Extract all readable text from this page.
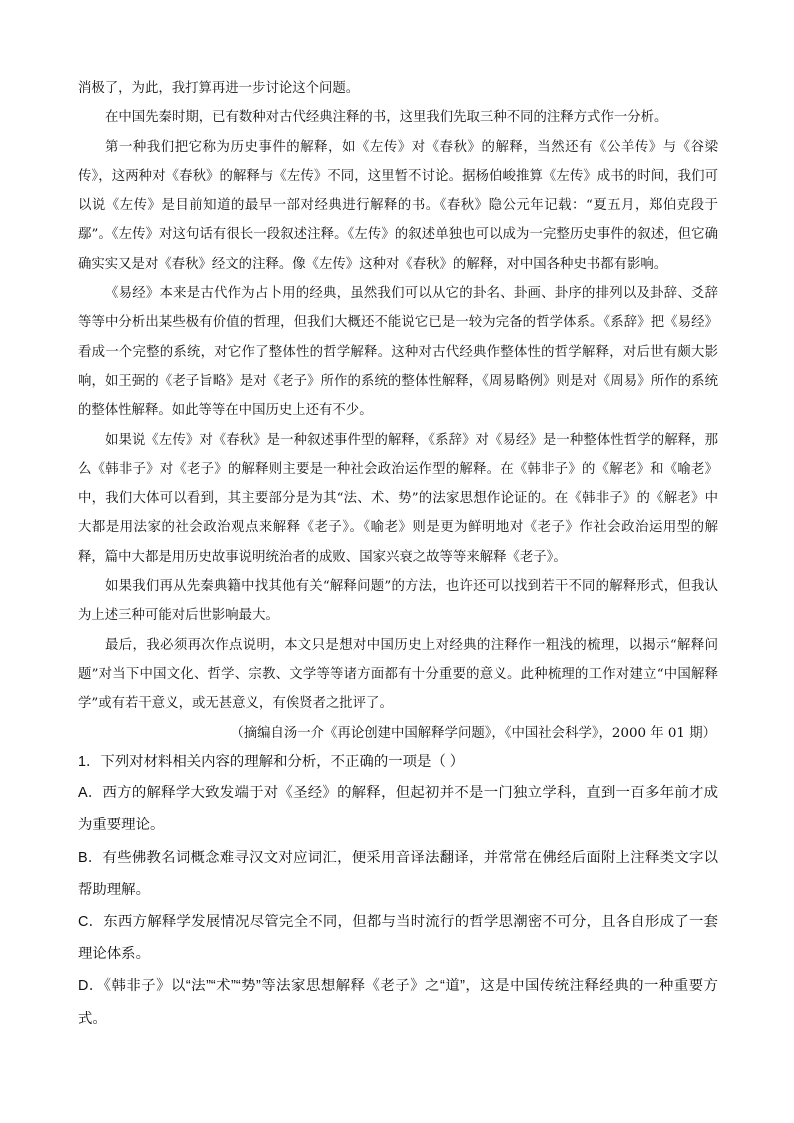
消极了，为此，我打算再进一步讨论这个问题。

在中国先秦时期，已有数种对古代经典注释的书，这里我们先取三种不同的注释方式作一分析。

第一种我们把它称为历史事件的解释，如《左传》对《春秋》的解释，当然还有《公羊传》与《谷梁传》，这两种对《春秋》的解释与《左传》不同，这里暂不讨论。据杨伯峻推算《左传》成书的时间，我们可以说《左传》是目前知道的最早一部对经典进行解释的书。《春秋》隐公元年记载：“夏五月，郑伯克段于鄢”。《左传》对这句话有很长一段叙述注释。《左传》的叙述单独也可以成为一完整历史事件的叙述，但它确确实实又是对《春秋》经文的注释。像《左传》这种对《春秋》的解释，对中国各种史书都有影响。

《易经》本来是古代作为占卜用的经典，虽然我们可以从它的卦名、卦画、卦序的排列以及卦辞、爻辞等等中分析出某些极有价值的哲理，但我们大概还不能说它已是一较为完备的哲学体系。《系辞》把《易经》看成一个完整的系统，对它作了整体性的哲学解释。这种对古代经典作整体性的哲学解释，对后世有颇大影响，如王弼的《老子旨略》是对《老子》所作的系统的整体性解释，《周易略例》则是对《周易》所作的系统的整体性解释。如此等等在中国历史上还有不少。

如果说《左传》对《春秋》是一种叙述事件型的解释，《系辞》对《易经》是一种整体性哲学的解释，那么《韩非子》对《老子》的解释则主要是一种社会政治运作型的解释。在《韩非子》的《解老》和《喻老》中，我们大体可以看到，其主要部分是为其“法、术、势”的法家思想作论证的。在《韩非子》的《解老》中大都是用法家的社会政治观点来解释《老子》。《喻老》则是更为鲜明地对《老子》作社会政治运用型的解释，篇中大都是用历史故事说明统治者的成败、国家兴衰之故等等来解释《老子》。

如果我们再从先秦典籍中找其他有关“解释问题”的方法，也许还可以找到若干不同的解释形式，但我认为上述三种可能对后世影响最大。

最后，我必须再次作点说明，本文只是想对中国历史上对经典的注释作一粗浅的梳理，以揭示“解释问题”对当下中国文化、哲学、宗教、文学等等诸方面都有十分重要的意义。此种梳理的工作对建立“中国解释学”或有若干意义，或无甚意义，有俟贤者之批评了。

（摘编自汤一介《再论创建中国解释学问题》，《中国社会科学》，2000 年 01 期）

1．下列对材料相关内容的理解和分析，不正确的一项是（ ）

A．西方的解释学大致发端于对《圣经》的解释，但起初并不是一门独立学科，直到一百多年前才成为重要理论。

B．有些佛教名词概念难寻汉文对应词汇，便采用音译法翻译，并常常在佛经后面附上注释类文字以帮助理解。

C．东西方解释学发展情况尽管完全不同，但都与当时流行的哲学思潮密不可分，且各自形成了一套理论体系。

D．《韩非子》以“法”“术”“势”等法家思想解释《老子》之“道”，这是中国传统注释经典的一种重要方式。
